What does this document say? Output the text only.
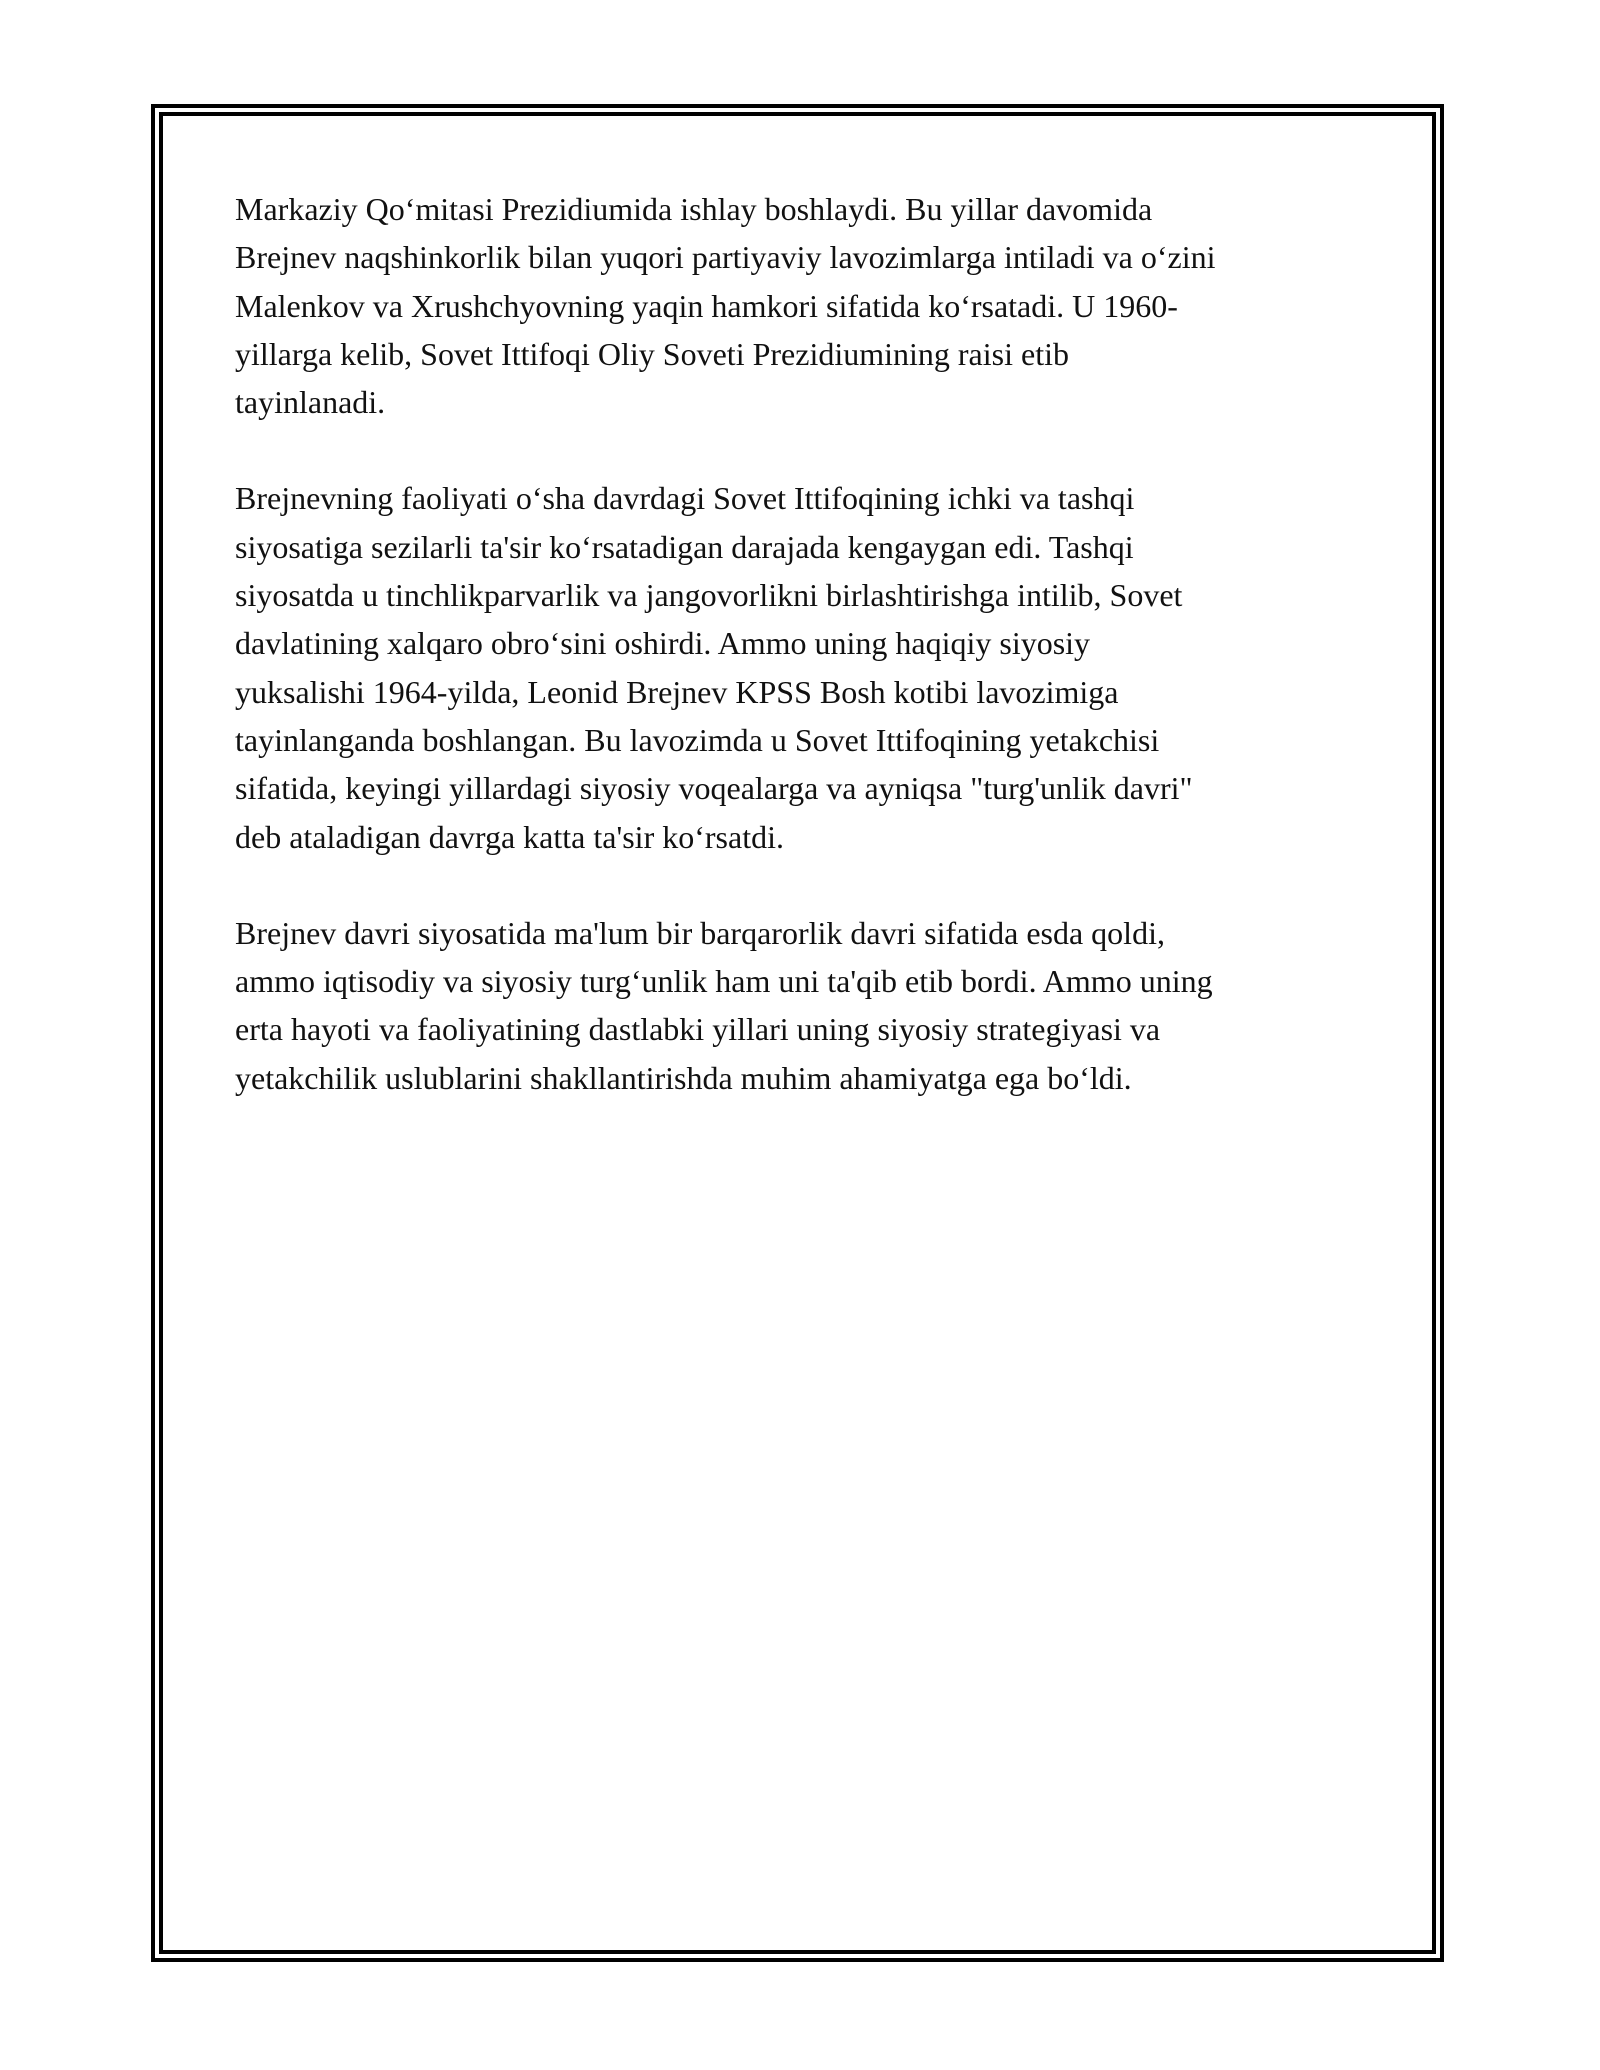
Markaziу Qo‘mitasi Prezidiumida ishlay boshlaydi. Bu yillar davomida
Brejnev naqshinkorlik bilan yuqori partiyaviy lavozimlarga intiladi va o‘zini
Malenkov va Xrushchyovning yaqin hamkori sifatida ko‘rsatadi. U 1960-
yillarga kelib, Sovet Ittifoqi Oliy Soveti Prezidiumining raisi etib
tayinlanadi.

Brejnevning faoliyati o‘sha davrdagi Sovet Ittifoqining ichki va tashqi
siyosatiga sezilarli ta'sir ko‘rsatadigan darajada kengaygan edi. Tashqi
siyosatda u tinchlikparvarlik va jangovorlikni birlashtirishga intilib, Sovet
davlatining xalqaro obro‘sini oshirdi. Ammo uning haqiqiy siyosiy
yuksalishi 1964-yilda, Leonid Brejnev KPSS Bosh kotibi lavozimiga
tayinlanganda boshlangan. Bu lavozimda u Sovet Ittifoqining yetakchisi
sifatida, keyingi yillardagi siyosiy voqealarga va ayniqsa "turg'unlik davri"
deb ataladigan davrga katta ta'sir ko‘rsatdi.

Brejnev davri siyosatida ma'lum bir barqarorlik davri sifatida esda qoldi,
ammo iqtisodiy va siyosiy turg‘unlik ham uni ta'qib etib bordi. Ammo uning
erta hayoti va faoliyatining dastlabki yillari uning siyosiy strategiyasi va
yetakchilik uslublarini shakllantirishda muhim ahamiyatga ega bo‘ldi.
